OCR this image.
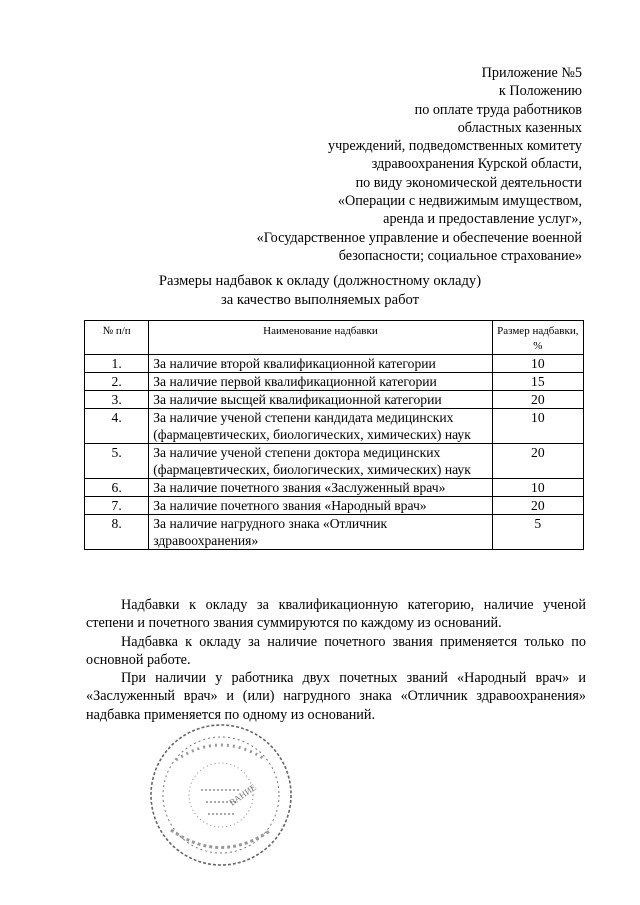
Приложение №5
к Положению
по оплате труда работников
областных казенных
учреждений, подведомственных комитету
здравоохранения Курской области,
по виду экономической деятельности
«Операции с недвижимым имуществом,
аренда и предоставление услуг»,
«Государственное управление и обеспечение военной
безопасности; социальное страхование»
Размеры надбавок к окладу (должностному окладу)
за качество выполняемых работ
№ п/п	Наименование надбавки	Размер надбавки, %
1.	За наличие второй квалификационной категории	10
2.	За наличие первой квалификационной категории	15
3.	За наличие высщей квалификационной категории	20
4.	За наличие ученой степени кандидата медицинских (фармацевтических, биологических, химических) наук	10
5.	За наличие ученой степени доктора медицинских (фармацевтических, биологических, химических) наук	20
6.	За наличие почетного звания «Заслуженный врач»	10
7.	За наличие почетного звания «Народный врач»	20
8.	За наличие нагрудного знака «Отличник здравоохранения»	5

Надбавки к окладу за квалификационную категорию, наличие ученой степени и почетного звания суммируются по каждому из оснований.

Надбавка к окладу за наличие почетного звания применяется только по основной работе.

При наличии у работника двух почетных званий «Народный врач» и «Заслуженный врач» и (или) нагрудного знака «Отличник здравоохранения» надбавка применяется по одному из оснований.

ВАНИЕ
